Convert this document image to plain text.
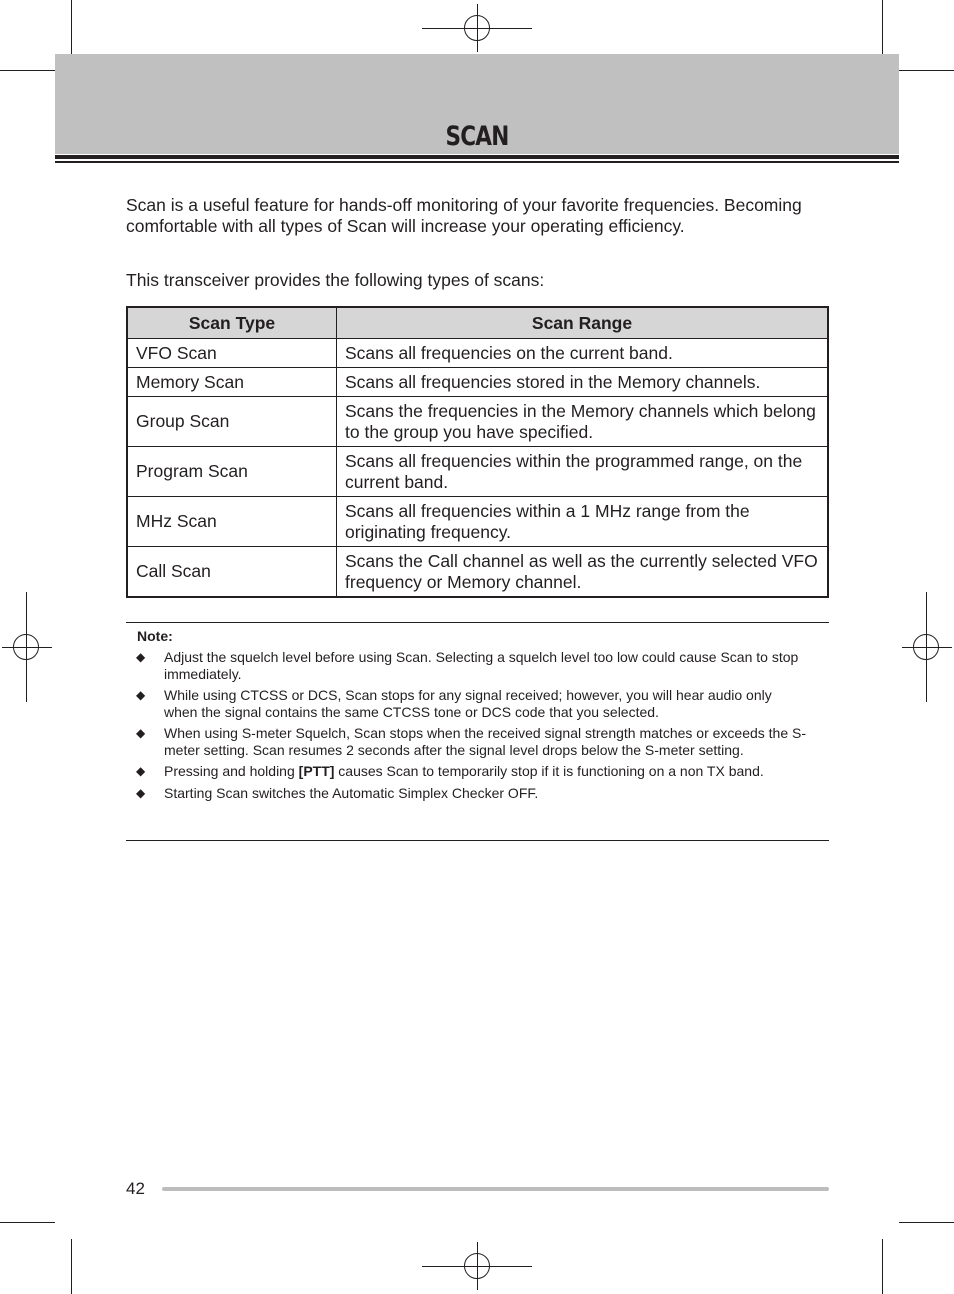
SCAN

Scan is a useful feature for hands-off monitoring of your favorite frequencies. Becoming comfortable with all types of Scan will increase your operating efficiency.

This transceiver provides the following types of scans:

Scan Type	Scan Range
VFO Scan	Scans all frequencies on the current band.
Memory Scan	Scans all frequencies stored in the Memory channels.
Group Scan	Scans the frequencies in the Memory channels which belong to the group you have specified.
Program Scan	Scans all frequencies within the programmed range, on the current band.
MHz Scan	Scans all frequencies within a 1 MHz range from the originating frequency.
Call Scan	Scans the Call channel as well as the currently selected VFO frequency or Memory channel.
Note:
◆ Adjust the squelch level before using Scan. Selecting a squelch level too low could cause Scan to stop immediately.
◆ While using CTCSS or DCS, Scan stops for any signal received; however, you will hear audio only when the signal contains the same CTCSS tone or DCS code that you selected.
◆ When using S-meter Squelch, Scan stops when the received signal strength matches or exceeds the S-meter setting. Scan resumes 2 seconds after the signal level drops below the S-meter setting.
◆ Pressing and holding [PTT] causes Scan to temporarily stop if it is functioning on a non TX band.
◆ Starting Scan switches the Automatic Simplex Checker OFF.
42
